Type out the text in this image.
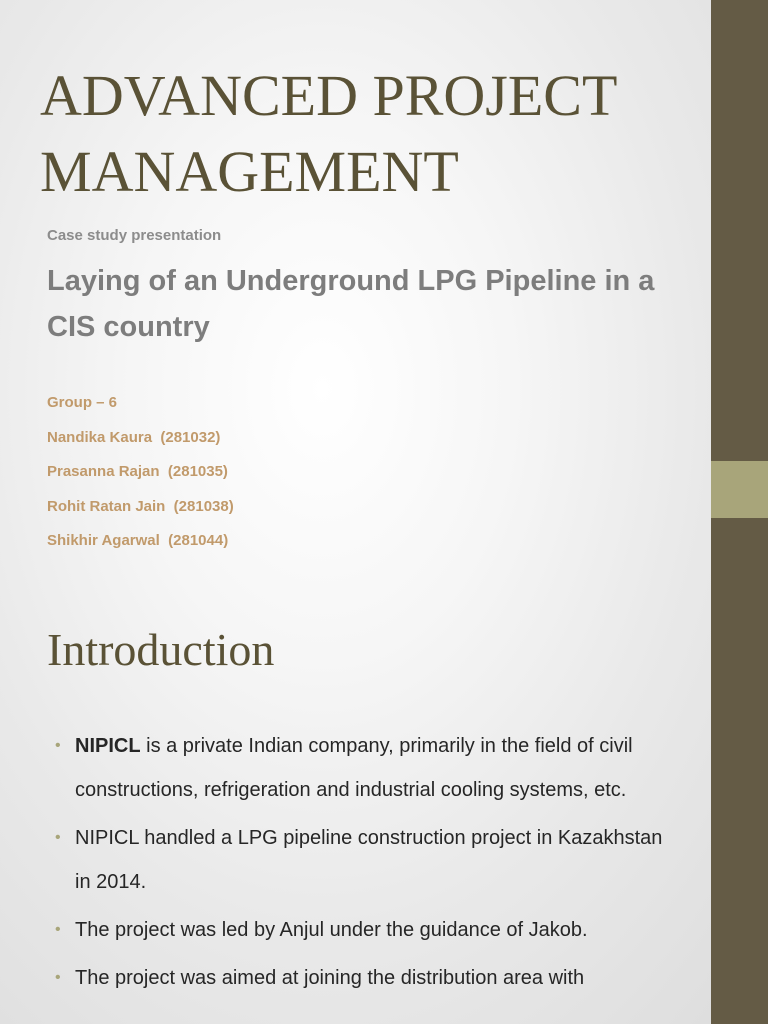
ADVANCED PROJECT MANAGEMENT

Case study presentation

Laying of an Underground LPG Pipeline in a CIS country
Group – 6
Nandika Kaura  (281032)
Prasanna Rajan  (281035)
Rohit Ratan Jain  (281038)
Shikhir Agarwal  (281044)
Introduction
• NIPICL is a private Indian company, primarily in the field of civil constructions, refrigeration and industrial cooling systems, etc.
• NIPICL handled a LPG pipeline construction project in Kazakhstan in 2014.
• The project was led by Anjul under the guidance of Jakob.
• The project was aimed at joining the distribution area with
